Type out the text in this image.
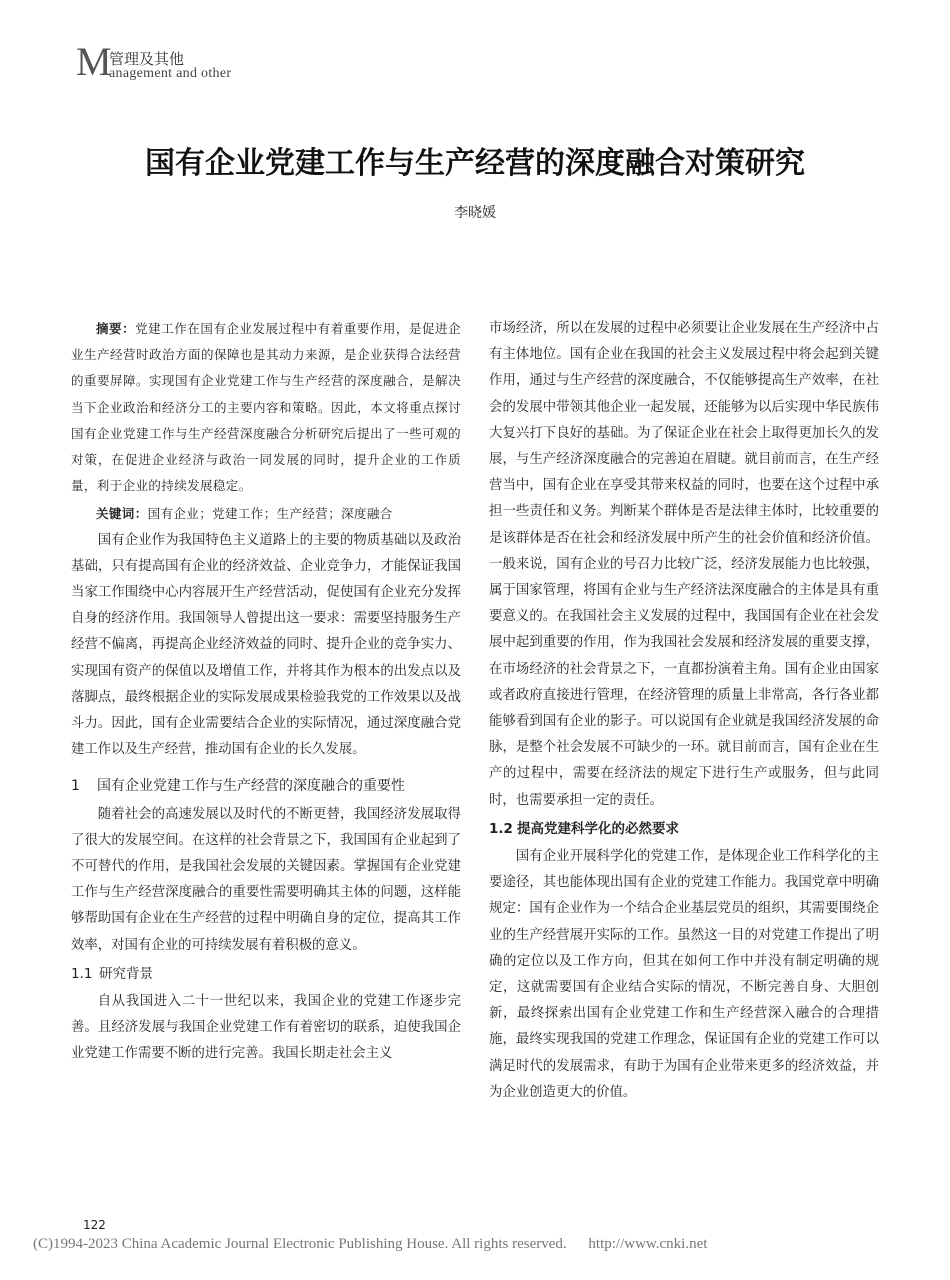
M
管理及其他
anagement and other
国有企业党建工作与生产经营的深度融合对策研究
李晓媛

摘要：党建工作在国有企业发展过程中有着重要作用，是促进企业生产经营时政治方面的保障也是其动力来源，是企业获得合法经营的重要屏障。实现国有企业党建工作与生产经营的深度融合，是解决当下企业政治和经济分工的主要内容和策略。因此，本文将重点探讨国有企业党建工作与生产经营深度融合分析研究后提出了一些可观的对策，在促进企业经济与政治一同发展的同时，提升企业的工作质量，利于企业的持续发展稳定。

关键词：国有企业；党建工作；生产经营；深度融合

国有企业作为我国特色主义道路上的主要的物质基础以及政治基础，只有提高国有企业的经济效益、企业竞争力，才能保证我国当家工作围绕中心内容展开生产经营活动，促使国有企业充分发挥自身的经济作用。我国领导人曾提出这一要求：需要坚持服务生产经营不偏离，再提高企业经济效益的同时、提升企业的竞争实力、实现国有资产的保值以及增值工作，并将其作为根本的出发点以及落脚点，最终根据企业的实际发展成果检验我党的工作效果以及战斗力。因此，国有企业需要结合企业的实际情况，通过深度融合党建工作以及生产经营，推动国有企业的长久发展。

1 国有企业党建工作与生产经营的深度融合的重要性

随着社会的高速发展以及时代的不断更替，我国经济发展取得了很大的发展空间。在这样的社会背景之下，我国国有企业起到了不可替代的作用，是我国社会发展的关键因素。掌握国有企业党建工作与生产经营深度融合的重要性需要明确其主体的问题，这样能够帮助国有企业在生产经营的过程中明确自身的定位，提高其工作效率，对国有企业的可持续发展有着积极的意义。

1.1 研究背景

自从我国进入二十一世纪以来，我国企业的党建工作逐步完善。且经济发展与我国企业党建工作有着密切的联系，迫使我国企业党建工作需要不断的进行完善。我国长期走社会主义

市场经济，所以在发展的过程中必须要让企业发展在生产经济中占有主体地位。国有企业在我国的社会主义发展过程中将会起到关键作用，通过与生产经营的深度融合，不仅能够提高生产效率，在社会的发展中带领其他企业一起发展，还能够为以后实现中华民族伟大复兴打下良好的基础。为了保证企业在社会上取得更加长久的发展，与生产经济深度融合的完善迫在眉睫。就目前而言，在生产经营当中，国有企业在享受其带来权益的同时，也要在这个过程中承担一些责任和义务。判断某个群体是否是法律主体时，比较重要的是该群体是否在社会和经济发展中所产生的社会价值和经济价值。一般来说，国有企业的号召力比较广泛，经济发展能力也比较强，属于国家管理，将国有企业与生产经济法深度融合的主体是具有重要意义的。在我国社会主义发展的过程中，我国国有企业在社会发展中起到重要的作用，作为我国社会发展和经济发展的重要支撑，在市场经济的社会背景之下，一直都扮演着主角。国有企业由国家或者政府直接进行管理，在经济管理的质量上非常高，各行各业都能够看到国有企业的影子。可以说国有企业就是我国经济发展的命脉，是整个社会发展不可缺少的一环。就目前而言，国有企业在生产的过程中，需要在经济法的规定下进行生产或服务，但与此同时，也需要承担一定的责任。

1.2 提高党建科学化的必然要求

国有企业开展科学化的党建工作，是体现企业工作科学化的主要途径，其也能体现出国有企业的党建工作能力。我国党章中明确规定：国有企业作为一个结合企业基层党员的组织，其需要围绕企业的生产经营展开实际的工作。虽然这一目的对党建工作提出了明确的定位以及工作方向，但其在如何工作中并没有制定明确的规定，这就需要国有企业结合实际的情况，不断完善自身、大胆创新，最终探索出国有企业党建工作和生产经营深入融合的合理措施，最终实现我国的党建工作理念，保证国有企业的党建工作可以满足时代的发展需求，有助于为国有企业带来更多的经济效益，并为企业创造更大的价值。

122
(C)1994-2023 China Academic Journal Electronic Publishing House. All rights reserved. http://www.cnki.net
